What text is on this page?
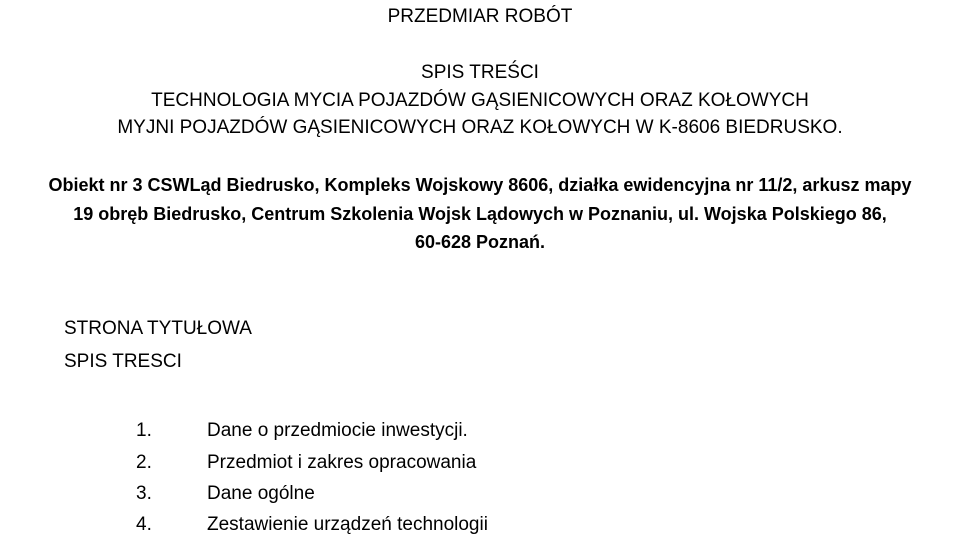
PRZEDMIAR ROBÓT
SPIS TREŚCI
TECHNOLOGIA MYCIA POJAZDÓW GĄSIENICOWYCH ORAZ KOŁOWYCH
MYJNI POJAZDÓW GĄSIENICOWYCH ORAZ KOŁOWYCH W K-8606 BIEDRUSKO.
Obiekt nr 3 CSWLąd Biedrusko, Kompleks Wojskowy 8606, działka ewidencyjna nr 11/2, arkusz mapy
19 obręb Biedrusko, Centrum Szkolenia Wojsk Lądowych w Poznaniu, ul. Wojska Polskiego 86,
60-628 Poznań.
STRONA TYTUŁOWA
SPIS TRESCI
1.	Dane o przedmiocie inwestycji.
2.	Przedmiot i zakres opracowania
3.	Dane ogólne
4.	Zestawienie urządzeń technologii
